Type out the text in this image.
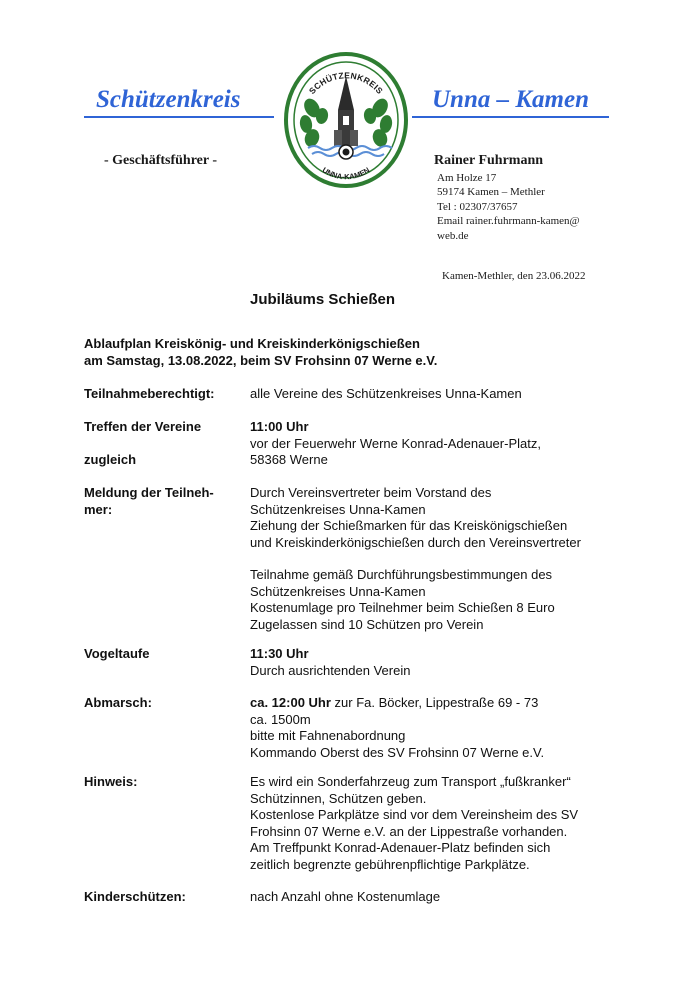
Schützenkreis	Unna – Kamen
SCHÜTZENKREIS
UNNA-KAMEN
- Geschäftsführer -	Rainer Fuhrmann
Am Holze 17
59174 Kamen – Methler
Tel : 02307/37657
Email rainer.fuhrmann-kamen@
web.de
Kamen-Methler, den 23.06.2022
Jubiläums Schießen
Ablaufplan Kreiskönig- und Kreiskinderkönigschießen
am Samstag, 13.08.2022, beim SV Frohsinn 07 Werne e.V.
Teilnahmeberechtigt:	alle Vereine des Schützenkreises Unna-Kamen
Treffen der Vereine	11:00 Uhr
vor der Feuerwehr Werne Konrad-Adenauer-Platz,
zugleich	58368 Werne
Meldung der Teilneh-
mer:
Durch Vereinsvertreter beim Vorstand des
Schützenkreises Unna-Kamen
Ziehung der Schießmarken für das Kreiskönigschießen
und Kreiskinderkönigschießen durch den Vereinsvertreter
Teilnahme gemäß Durchführungsbestimmungen des
Schützenkreises Unna-Kamen
Kostenumlage pro Teilnehmer beim Schießen 8 Euro
Zugelassen sind 10 Schützen pro Verein
Vogeltaufe	11:30 Uhr
Durch ausrichtenden Verein
Abmarsch:	ca. 12:00 Uhr zur Fa. Böcker, Lippestraße 69 - 73
ca. 1500m
bitte mit Fahnenabordnung
Kommando Oberst des SV Frohsinn 07 Werne e.V.
Hinweis:	Es wird ein Sonderfahrzeug zum Transport „fußkranker“
Schützinnen, Schützen geben.
Kostenlose Parkplätze sind vor dem Vereinsheim des SV
Frohsinn 07 Werne e.V. an der Lippestraße vorhanden.
Am Treffpunkt Konrad-Adenauer-Platz befinden sich
zeitlich begrenzte gebührenpflichtige Parkplätze.
Kinderschützen:	nach Anzahl ohne Kostenumlage
